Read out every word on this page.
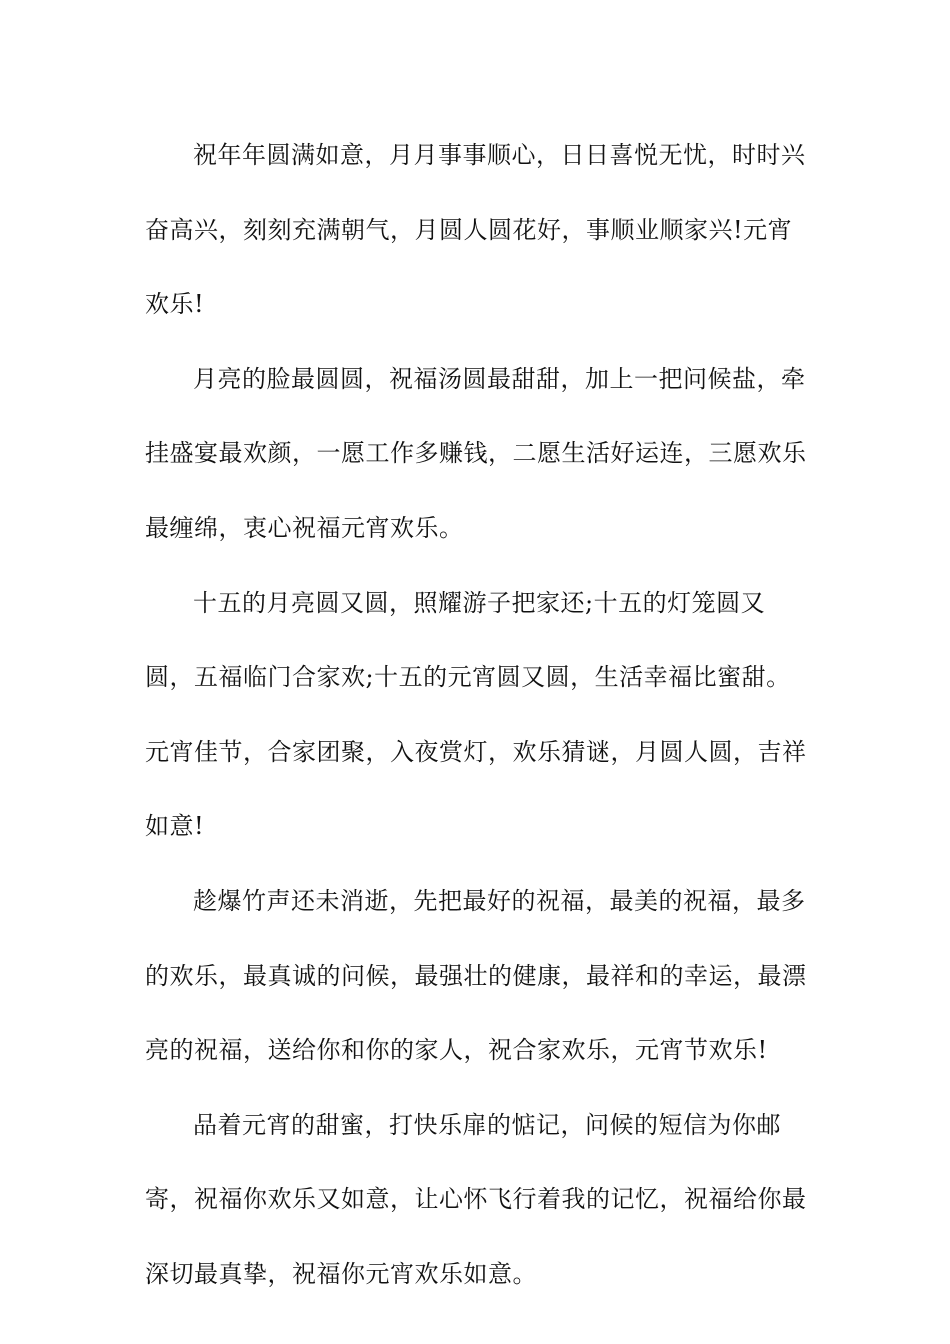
祝年年圆满如意，月月事事顺心，日日喜悦无忧，时时兴奋高兴，刻刻充满朝气，月圆人圆花好，事顺业顺家兴!元宵欢乐!

月亮的脸最圆圆，祝福汤圆最甜甜，加上一把问候盐，牵挂盛宴最欢颜，一愿工作多赚钱，二愿生活好运连，三愿欢乐最缠绵，衷心祝福元宵欢乐。

十五的月亮圆又圆，照耀游子把家还;十五的灯笼圆又圆，五福临门合家欢;十五的元宵圆又圆，生活幸福比蜜甜。元宵佳节，合家团聚，入夜赏灯，欢乐猜谜，月圆人圆，吉祥如意!

趁爆竹声还未消逝，先把最好的祝福，最美的祝福，最多的欢乐，最真诚的问候，最强壮的健康，最祥和的幸运，最漂亮的祝福，送给你和你的家人，祝合家欢乐，元宵节欢乐!

品着元宵的甜蜜，打快乐扉的惦记，问候的短信为你邮寄，祝福你欢乐又如意，让心怀飞行着我的记忆，祝福给你最深切最真挚，祝福你元宵欢乐如意。
